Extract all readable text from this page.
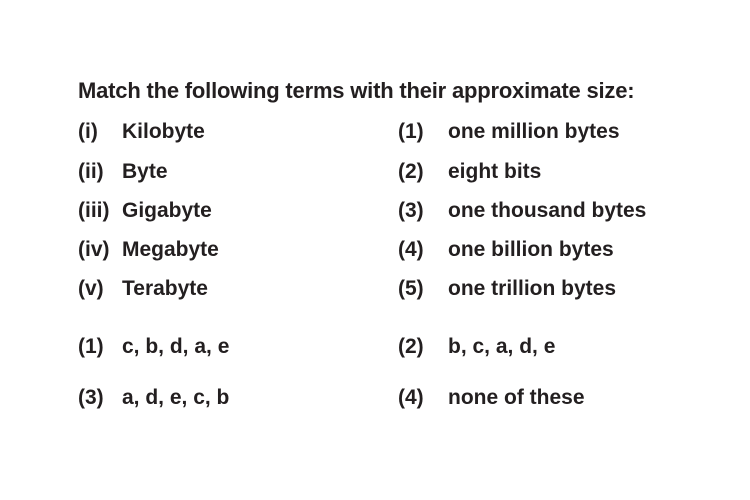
Match the following terms with their approximate size:
(i) Kilobyte
(ii) Byte
(iii) Gigabyte
(iv) Megabyte
(v) Terabyte
(1) one million bytes
(2) eight bits
(3) one thousand bytes
(4) one billion bytes
(5) one trillion bytes
(1) c, b, d, a, e	(2) b, c, a, d, e
(3) a, d, e, c, b	(4) none of these
